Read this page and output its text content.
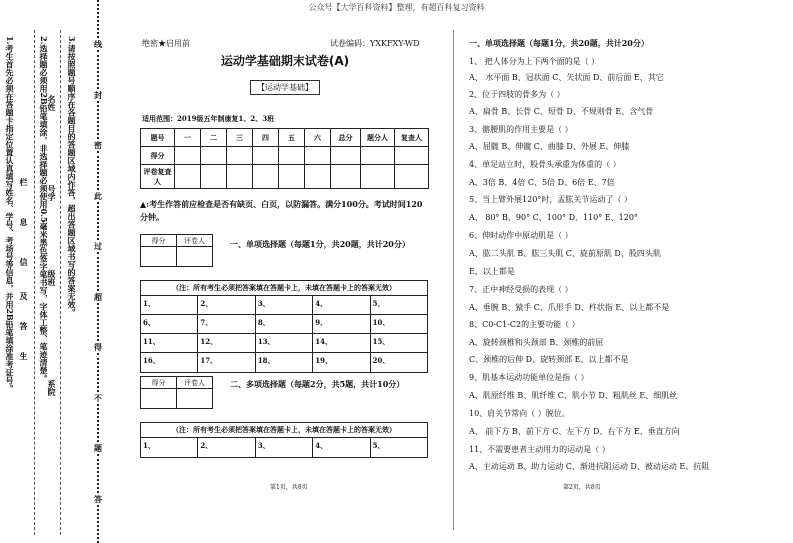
公众号【大学百科资料】整理，有超百科复习资料
栏
息
信
及
答
生
名姓
号学
级班
系院
1.考生首先必须在答题卡指定位置认真填写姓名、学号、考场号等信息，并用2B铅笔填涂准考证号。	2.选择题必须用2B铅笔填涂，非选择题必须使用0.5毫米黑色签字笔书写，字体工整、笔迹清楚。 3.请按照题号顺序在各题目的答题区域内作答，超出答题区域书写的答案无效。 线
封
密
此
过
超
得
不
题
答
绝密★启用前	试卷编码：YXKFXY-WD
运动学基础期末试卷(A)
【运动学基础】
适用范围：2019级五年制康复1、2、3班
题号	一	二	三	四	五	六	总分	题分人	复查人
得分									
评卷复查人									
▲:考生作答前应检查是否有缺页、白页，以防漏答。满分100分。考试时间120分钟。
得分	评卷人
		一、单项选择题（每题1分，共20题，共计20分）
（注：所有考生必须把答案填在答题卡上，未填在答题卡上的答案无效）
1、	2、	3、	4、	5、
6、	7、	8、	9、	10、
11、	12、	13、	14、	15、
16、	17、	18、	19、	20、
得分	评卷人
		二、多项选择题（每题2分，共5题，共计10分）
（注：所有考生必须把答案填在答题卡上，未填在答题卡上的答案无效）
1、	2、	3、	4、	5、
第1页，共8页
一、单项选择题（每题1分，共20题，共计20分）
1、 把人体分为上下两个面的是（ ）
A、 水平面 B、冠状面 C、矢状面 D、前后面 E、其它
2、位于四肢的骨多为（ ）
A、扁骨 B、长骨 C、短骨 D、不规则骨 E、含气骨
3、髂腰肌的作用主要是（ ）
A、屈髋 B、伸髋 C、曲膝 D、外展 E、伸膝
4、单足站立时，股骨头承重为体重的（ ）
A、3倍 B、4倍 C、5倍 D、6倍 E、7倍
5、当上臂外展120°时，盂肱关节运动了（ ）
A、 80° B、90° C、100° D、110° E、120°
6、伸时动作中原动肌是（ ）
A、肱二头肌 B、肱三头肌 C、旋前原肌 D、股四头肌
E、以上都是
7、正中神经受损的表现（ ）
A、垂腕 B、猿手 C、爪形手 D、杵状指 E、以上都不是
8、C0-C1-C2的主要功能（ ）
A、旋转颈椎和头颈部 B、颈椎的前屈
C、颈椎的后伸 D、旋转颈部 E、以上都不是
9、肌基本运动功能单位是指（ ）
A、肌原纤维 B、肌纤维 C、肌小节 D、粗肌丝 E、细肌丝
10、肩关节常向（ ）脱位。
A、 前下方 B、前下方 C、左下方 D、右下方 E、垂直方向
11、不需要患者主动用力的运动是（ ）
A、主动运动 B、助力运动 C、渐进抗阻运动 D、被动运动 E、抗阻
第2页，共8页
